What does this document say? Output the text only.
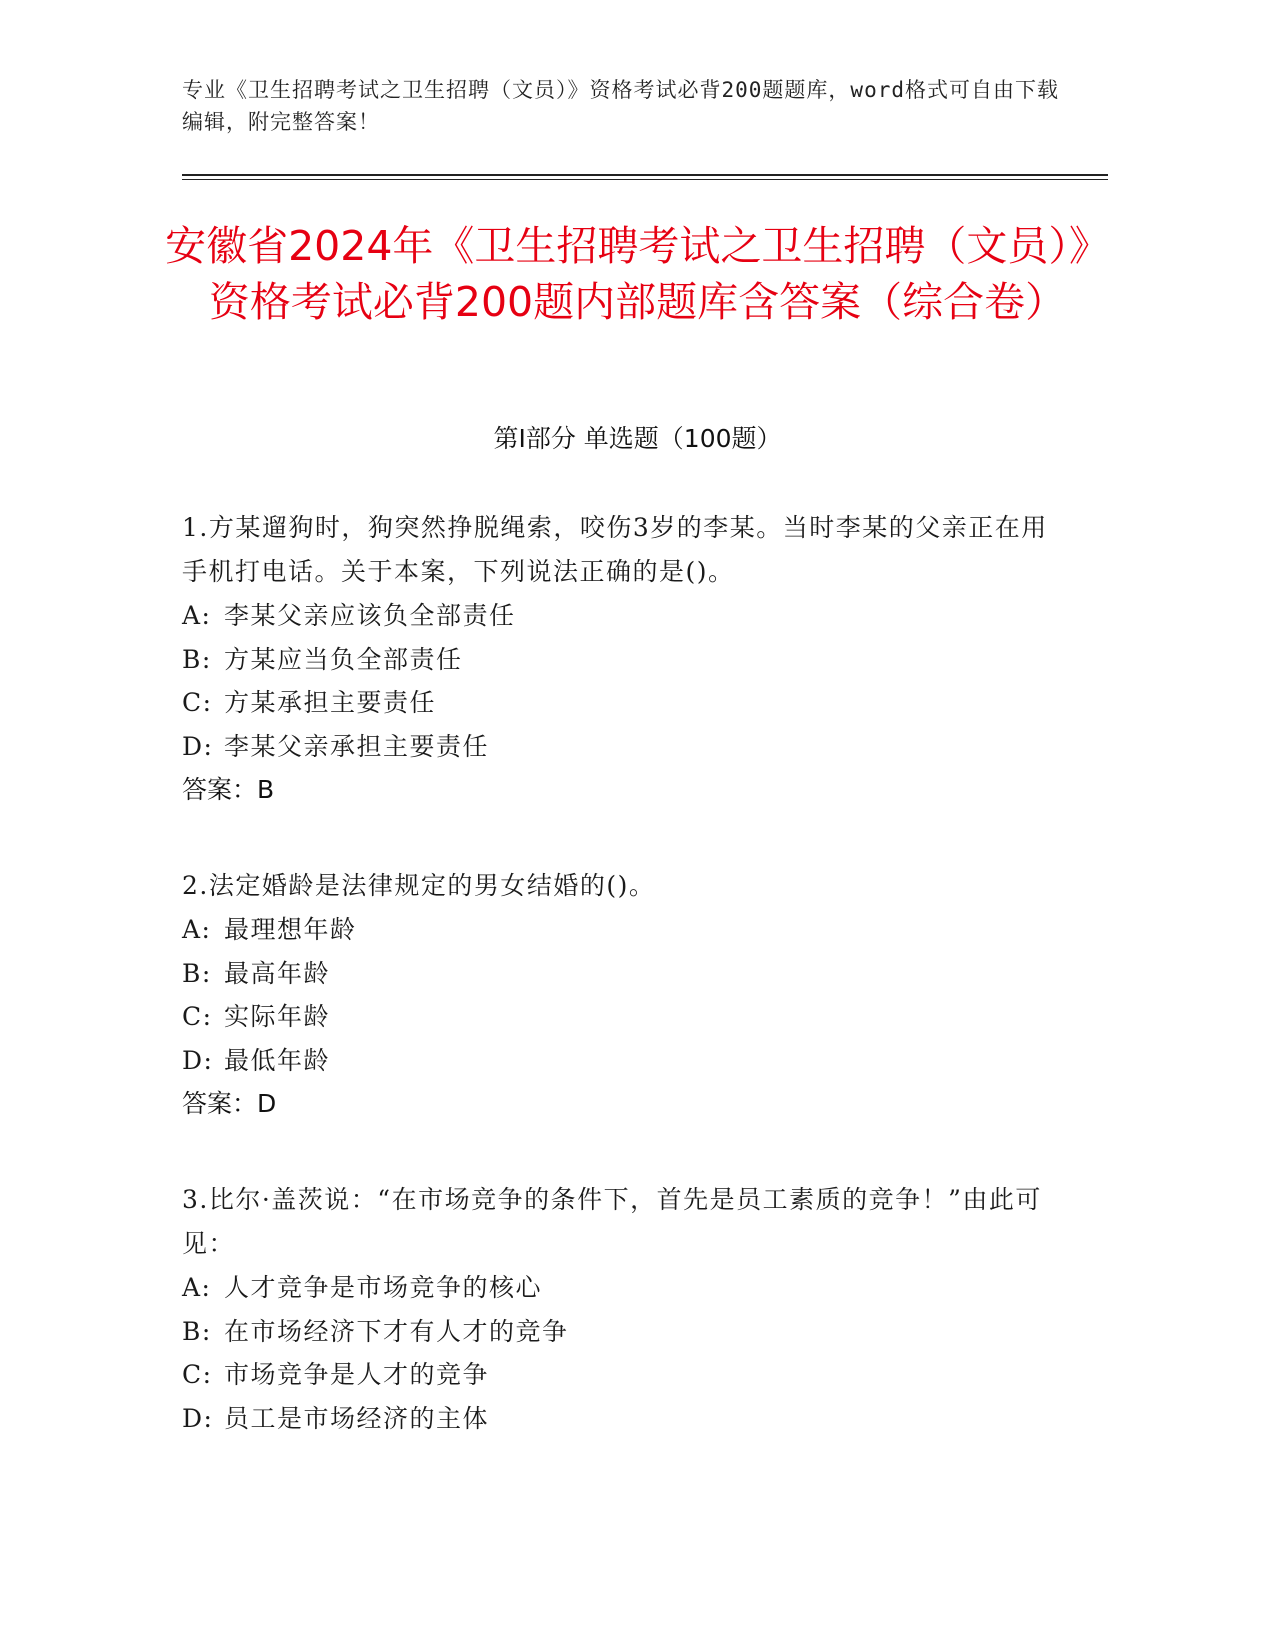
专业《卫生招聘考试之卫生招聘（文员）》资格考试必背200题题库，word格式可自由下载编辑，附完整答案！
安徽省2024年《卫生招聘考试之卫生招聘（文员）》资格考试必背200题内部题库含答案（综合卷）
第I部分 单选题（100题）
1.方某遛狗时，狗突然挣脱绳索，咬伤3岁的李某。当时李某的父亲正在用手机打电话。关于本案，下列说法正确的是()。
A: 李某父亲应该负全部责任
B: 方某应当负全部责任
C: 方某承担主要责任
D: 李某父亲承担主要责任
答案：B
2.法定婚龄是法律规定的男女结婚的()。
A: 最理想年龄
B: 最高年龄
C: 实际年龄
D: 最低年龄
答案：D
3.比尔·盖茨说：“在市场竞争的条件下，首先是员工素质的竞争！”由此可见：
A: 人才竞争是市场竞争的核心
B: 在市场经济下才有人才的竞争
C: 市场竞争是人才的竞争
D: 员工是市场经济的主体
